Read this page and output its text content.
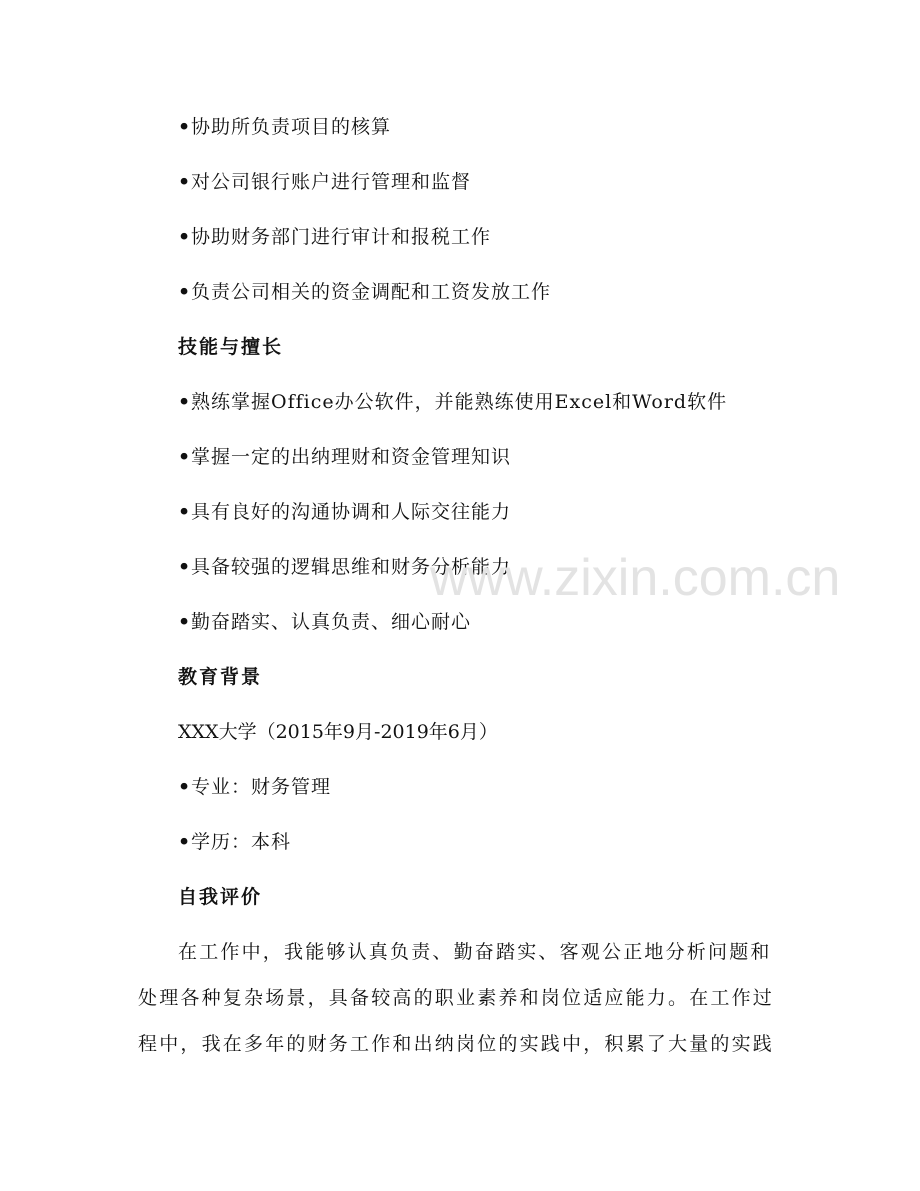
•协助所负责项目的核算
•对公司银行账户进行管理和监督
•协助财务部门进行审计和报税工作
•负责公司相关的资金调配和工资发放工作
技能与擅长
•熟练掌握Office办公软件，并能熟练使用Excel和Word软件
•掌握一定的出纳理财和资金管理知识
•具有良好的沟通协调和人际交往能力
•具备较强的逻辑思维和财务分析能力
•勤奋踏实、认真负责、细心耐心
教育背景
XXX大学（2015年9月-2019年6月）
•专业：财务管理
•学历：本科
自我评价
在工作中，我能够认真负责、勤奋踏实、客观公正地分析问题和
处理各种复杂场景，具备较高的职业素养和岗位适应能力。在工作过
程中，我在多年的财务工作和出纳岗位的实践中，积累了大量的实践
www.zixin.com.cn
